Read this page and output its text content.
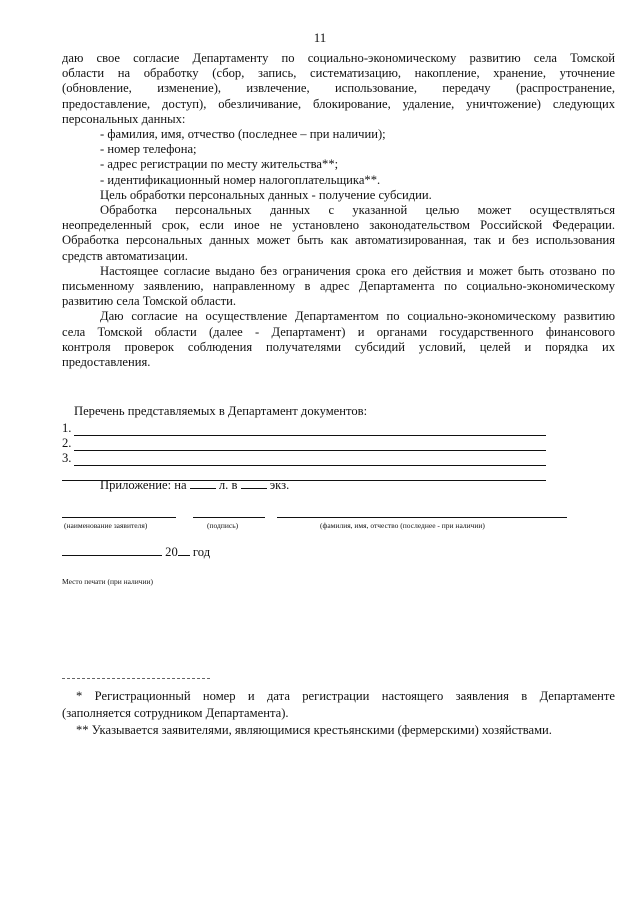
11

даю свое согласие Департаменту по социально-экономическому развитию села Томской

области на обработку (сбор, запись, систематизацию, накопление, хранение, уточнение

(обновление, изменение), извлечение, использование, передачу (распространение,

предоставление, доступ), обезличивание, блокирование, удаление, уничтожение) следующих

персональных данных:

- фамилия, имя, отчество (последнее – при наличии);

- номер телефона;

- адрес регистрации по месту жительства**;

- идентификационный номер налогоплательщика**.

Цель обработки персональных данных - получение субсидии.

Обработка персональных данных с указанной целью может осуществляться

неопределенный срок, если иное не установлено законодательством Российской Федерации.

Обработка персональных данных может быть как автоматизированная, так и без использования

средств автоматизации.

Настоящее согласие выдано без ограничения срока его действия и может быть отозвано по

письменному заявлению, направленному в адрес Департамента по социально-экономическому

развитию села Томской области.

Даю согласие на осуществление Департаментом по социально-экономическому развитию

села Томской области (далее - Департамент) и органами государственного финансового

контроля проверок соблюдения получателями субсидий условий, целей и порядка их

предоставления.

Перечень представляемых в Департамент документов:
1.
2.
3.
Приложение: на	л. в	экз.
(наименование заявителя)	(подпись)	(фамилия, имя, отчество (последнее - при наличии)
20 год
Место печати (при наличии)
* Регистрационный номер и дата регистрации настоящего заявления в Департаменте
(заполняется сотрудником Департамента).
** Указывается заявителями, являющимися крестьянскими (фермерскими) хозяйствами.
